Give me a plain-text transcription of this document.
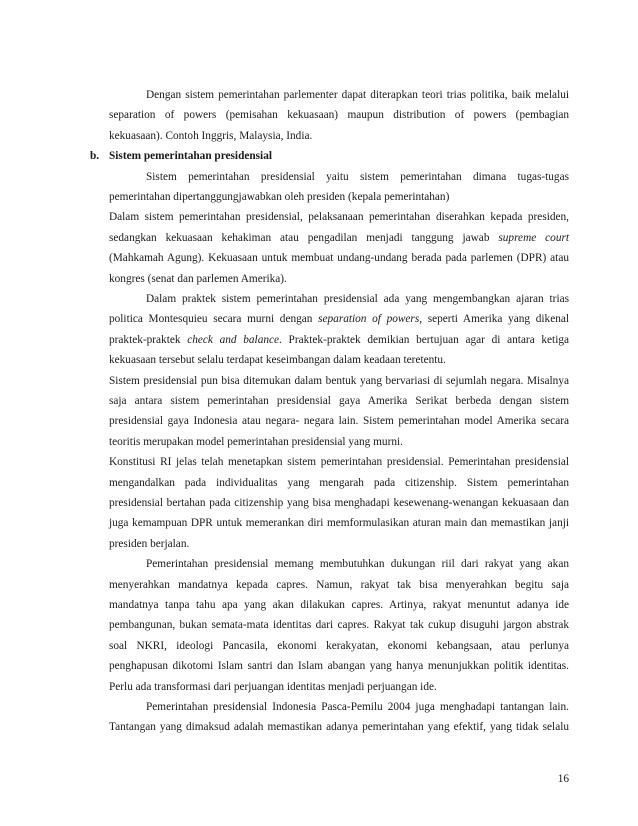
Dengan sistem pemerintahan parlementer dapat diterapkan teori trias politika, baik melalui
separation of powers (pemisahan kekuasaan) maupun distribution of powers (pembagian
kekuasaan). Contoh Inggris, Malaysia, India.
b. Sistem pemerintahan presidensial
Sistem pemerintahan presidensial yaitu sistem pemerintahan dimana tugas-tugas
pemerintahan dipertanggungjawabkan oleh presiden (kepala pemerintahan)
Dalam sistem pemerintahan presidensial, pelaksanaan pemerintahan diserahkan kepada presiden,
sedangkan kekuasaan kehakiman atau pengadilan menjadi tanggung jawab supreme court
(Mahkamah Agung). Kekuasaan untuk membuat undang-undang berada pada parlemen (DPR) atau
kongres (senat dan parlemen Amerika).
Dalam praktek sistem pemerintahan presidensial ada yang mengembangkan ajaran trias
politica Montesquieu secara murni dengan separation of powers, seperti Amerika yang dikenal
praktek-praktek check and balance. Praktek-praktek demikian bertujuan agar di antara ketiga
kekuasaan tersebut selalu terdapat keseimbangan dalam keadaan teretentu.
Sistem presidensial pun bisa ditemukan dalam bentuk yang bervariasi di sejumlah negara. Misalnya
saja antara sistem pemerintahan presidensial gaya Amerika Serikat berbeda dengan sistem
presidensial gaya Indonesia atau negara- negara lain. Sistem pemerintahan model Amerika secara
teoritis merupakan model pemerintahan presidensial yang murni.
Konstitusi RI jelas telah menetapkan sistem pemerintahan presidensial. Pemerintahan presidensial
mengandalkan pada individualitas yang mengarah pada citizenship. Sistem pemerintahan
presidensial bertahan pada citizenship yang bisa menghadapi kesewenang-wenangan kekuasaan dan
juga kemampuan DPR untuk memerankan diri memformulasikan aturan main dan memastikan janji
presiden berjalan.
Pemerintahan presidensial memang membutuhkan dukungan riil dari rakyat yang akan
menyerahkan mandatnya kepada capres. Namun, rakyat tak bisa menyerahkan begitu saja
mandatnya tanpa tahu apa yang akan dilakukan capres. Artinya, rakyat menuntut adanya ide
pembangunan, bukan semata-mata identitas dari capres. Rakyat tak cukup disuguhi jargon abstrak
soal NKRI, ideologi Pancasila, ekonomi kerakyatan, ekonomi kebangsaan, atau perlunya
penghapusan dikotomi Islam santri dan Islam abangan yang hanya menunjukkan politik identitas.
Perlu ada transformasi dari perjuangan identitas menjadi perjuangan ide.
Pemerintahan presidensial Indonesia Pasca-Pemilu 2004 juga menghadapi tantangan lain.
Tantangan yang dimaksud adalah memastikan adanya pemerintahan yang efektif, yang tidak selalu
16
